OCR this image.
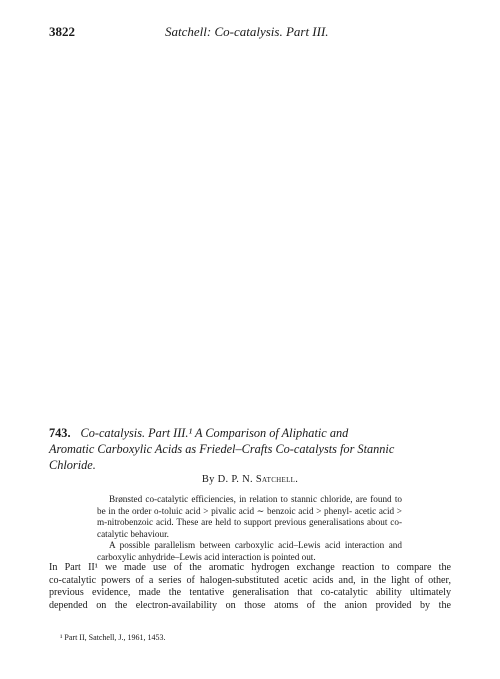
3822	Satchell: Co-catalysis. Part III.
743. Co-catalysis. Part III.¹ A Comparison of Aliphatic and
Aromatic Carboxylic Acids as Friedel–Crafts Co-catalysts for Stannic
Chloride.
By D. P. N. Satchell.

Brønsted co-catalytic efficiencies, in relation to stannic chloride, are found to be in the order o-toluic acid > pivalic acid ∼ benzoic acid > phenyl- acetic acid > m-nitrobenzoic acid. These are held to support previous generalisations about co-catalytic behaviour.

A possible parallelism between carboxylic acid–Lewis acid interaction and carboxylic anhydride–Lewis acid interaction is pointed out.

In Part II¹ we made use of the aromatic hydrogen exchange reaction to compare the
co-catalytic powers of a series of halogen-substituted acetic acids and, in the light of other,
previous evidence, made the tentative generalisation that co-catalytic ability ultimately
depended on the electron-availability on those atoms of the anion provided by the
¹ Part II, Satchell, J., 1961, 1453.
